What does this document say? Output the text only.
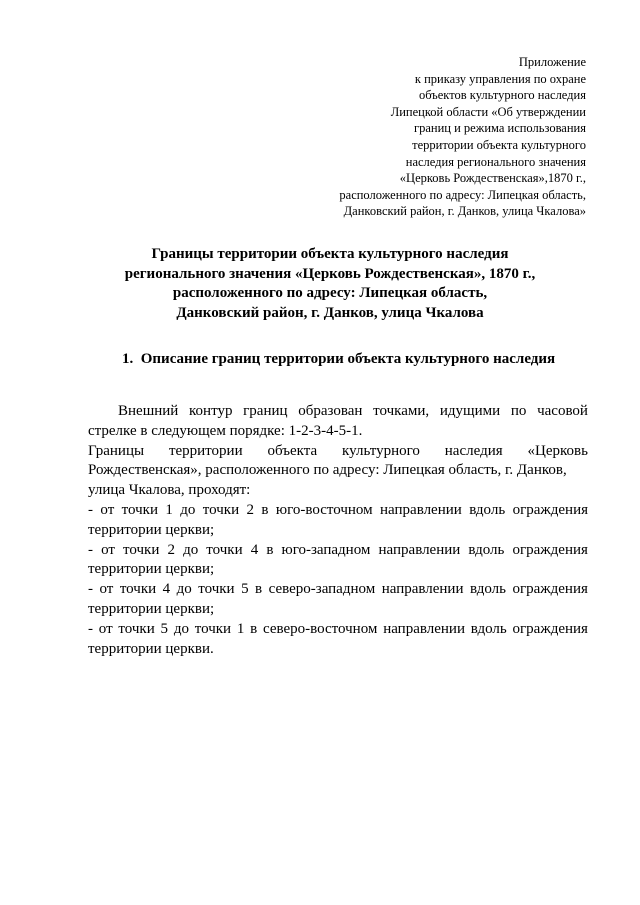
Приложение
к приказу управления по охране
объектов культурного наследия
Липецкой области «Об утверждении
границ и режима использования
территории объекта культурного
наследия регионального значения
«Церковь Рождественская»,1870 г.,
расположенного по адресу: Липецкая область,
Данковский район, г. Данков, улица Чкалова»
Границы территории объекта культурного наследия
регионального значения «Церковь Рождественская», 1870 г.,
расположенного по адресу: Липецкая область,
Данковский район, г. Данков, улица Чкалова
1. Описание границ территории объекта культурного наследия
Внешний контур границ образован точками, идущими по часовой
стрелке в следующем порядке: 1-2-3-4-5-1.
Границы территории объекта культурного наследия «Церковь
Рождественская», расположенного по адресу: Липецкая область, г. Данков,
улица Чкалова, проходят:
- от точки 1 до точки 2 в юго-восточном направлении вдоль ограждения
территории церкви;
- от точки 2 до точки 4 в юго-западном направлении вдоль ограждения
территории церкви;
- от точки 4 до точки 5 в северо-западном направлении вдоль ограждения
территории церкви;
- от точки 5 до точки 1 в северо-восточном направлении вдоль ограждения
территории церкви.
